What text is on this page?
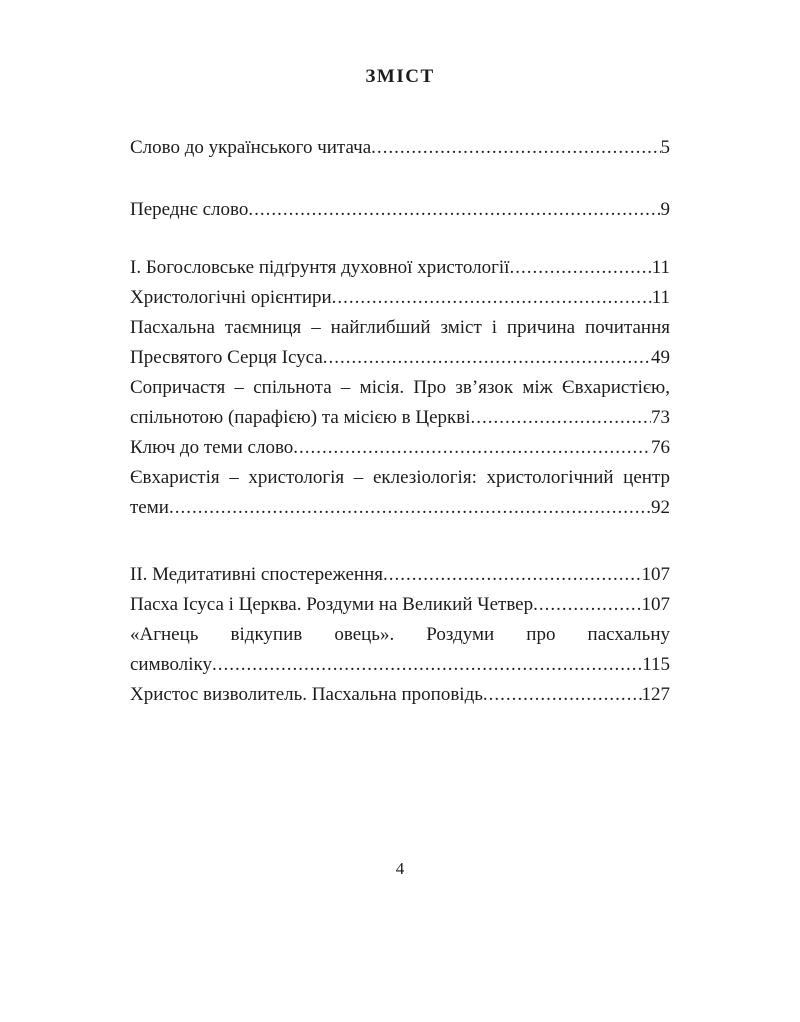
ЗМІСТ
Слово до українського читача .....	5
Переднє слово .....	9
І. Богословське підґрунтя духовної христології .....	11
Христологічні орієнтири .....	11
Пасхальна таємниця – найглибший зміст і причина почитання
Пресвятого Серця Ісуса .....	49
Сопричастя – спільнота – місія. Про зв’язок між Євхаристією,
спільнотою (парафією) та місією в Церкві .....	73
Ключ до теми слово .....	76
Євхаристія – христологія – еклезіологія: христологічний центр
теми .....	92
ІІ. Медитативні спостереження .....	107
Пасха Ісуса і Церква. Роздуми на Великий Четвер .....	107
«Агнець відкупив овець». Роздуми про пасхальну
символіку .....	115
Христос визволитель. Пасхальна проповідь .....	127
4
